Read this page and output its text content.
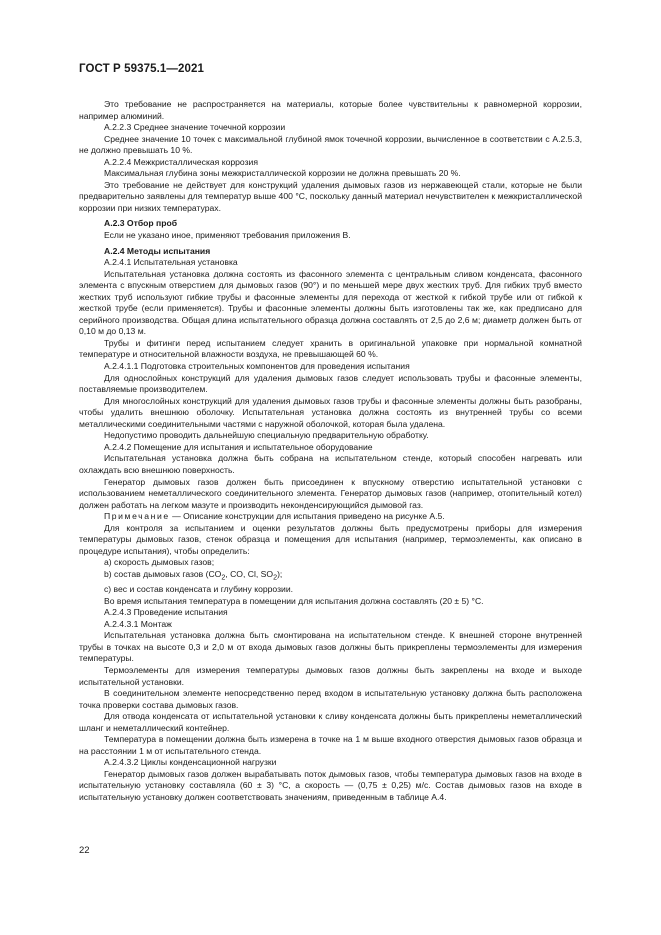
ГОСТ Р 59375.1—2021

Это требование не распространяется на материалы, которые более чувствительны к равномерной коррозии, например алюминий.

А.2.2.3 Среднее значение точечной коррозии

Среднее значение 10 точек с максимальной глубиной ямок точечной коррозии, вычисленное в соответствии с А.2.5.3, не должно превышать 10 %.

А.2.2.4 Межкристаллическая коррозия

Максимальная глубина зоны межкристаллической коррозии не должна превышать 20 %.

Это требование не действует для конструкций удаления дымовых газов из нержавеющей стали, которые не были предварительно заявлены для температур выше 400 °С, поскольку данный материал нечувствителен к межкристаллической коррозии при низких температурах.

А.2.3 Отбор проб

Если не указано иное, применяют требования приложения В.

А.2.4 Методы испытания

А.2.4.1 Испытательная установка

Испытательная установка должна состоять из фасонного элемента с центральным сливом конденсата, фасонного элемента с впускным отверстием для дымовых газов (90°) и по меньшей мере двух жестких труб. Для гибких труб вместо жестких труб используют гибкие трубы и фасонные элементы для перехода от жесткой к гибкой трубе или от гибкой к жесткой трубе (если применяется). Трубы и фасонные элементы должны быть изготовлены так же, как предписано для серийного производства. Общая длина испытательного образца должна составлять от 2,5 до 2,6 м; диаметр должен быть от 0,10 м до 0,13 м.

Трубы и фитинги перед испытанием следует хранить в оригинальной упаковке при нормальной комнатной температуре и относительной влажности воздуха, не превышающей 60 %.

А.2.4.1.1 Подготовка строительных компонентов для проведения испытания

Для однослойных конструкций для удаления дымовых газов следует использовать трубы и фасонные элементы, поставляемые производителем.

Для многослойных конструкций для удаления дымовых газов трубы и фасонные элементы должны быть разобраны, чтобы удалить внешнюю оболочку. Испытательная установка должна состоять из внутренней трубы со всеми металлическими соединительными частями с наружной оболочкой, которая была удалена.

Недопустимо проводить дальнейшую специальную предварительную обработку.

А.2.4.2 Помещение для испытания и испытательное оборудование

Испытательная установка должна быть собрана на испытательном стенде, который способен нагревать или охлаждать всю внешнюю поверхность.

Генератор дымовых газов должен быть присоединен к впускному отверстию испытательной установки с использованием неметаллического соединительного элемента. Генератор дымовых газов (например, отопительный котел) должен работать на легком мазуте и производить неконденсирующийся дымовой газ.

Примечание — Описание конструкции для испытания приведено на рисунке А.5.

Для контроля за испытанием и оценки результатов должны быть предусмотрены приборы для измерения температуры дымовых газов, стенок образца и помещения для испытания (например, термоэлементы, как описано в процедуре испытания), чтобы определить:

a) скорость дымовых газов;

b) состав дымовых газов ($CO_2$, CO, Cl, $SO_2$);

c) вес и состав конденсата и глубину коррозии.

Во время испытания температура в помещении для испытания должна составлять (20 ± 5) °С.

А.2.4.3 Проведение испытания

А.2.4.3.1 Монтаж

Испытательная установка должна быть смонтирована на испытательном стенде. К внешней стороне внутренней трубы в точках на высоте 0,3 и 2,0 м от входа дымовых газов должны быть прикреплены термоэлементы для измерения температуры.

Термоэлементы для измерения температуры дымовых газов должны быть закреплены на входе и выходе испытательной установки.

В соединительном элементе непосредственно перед входом в испытательную установку должна быть расположена точка проверки состава дымовых газов.

Для отвода конденсата от испытательной установки к сливу конденсата должны быть прикреплены неметаллический шланг и неметаллический контейнер.

Температура в помещении должна быть измерена в точке на 1 м выше входного отверстия дымовых газов образца и на расстоянии 1 м от испытательного стенда.

А.2.4.3.2 Циклы конденсационной нагрузки

Генератор дымовых газов должен вырабатывать поток дымовых газов, чтобы температура дымовых газов на входе в испытательную установку составляла (60 ± 3) °С, а скорость — (0,75 ± 0,25) м/с. Состав дымовых газов на входе в испытательную установку должен соответствовать значениям, приведенным в таблице А.4.

22
